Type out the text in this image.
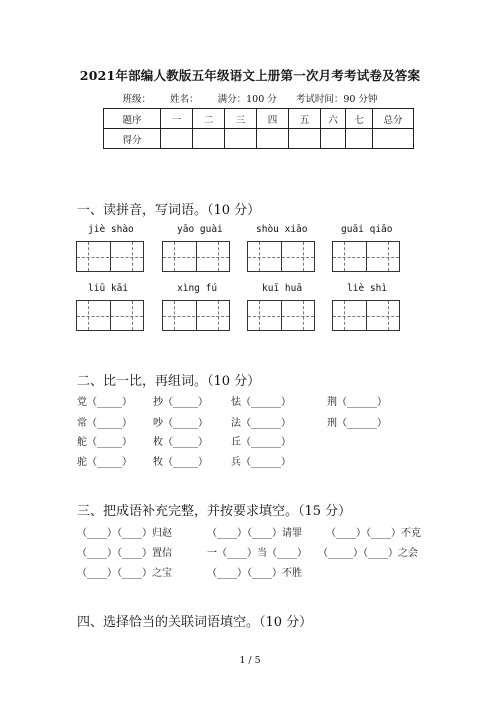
2021年部编人教版五年级语文上册第一次月考考试卷及答案
班级： 姓名： 满分：100 分 考试时间：90 分钟
题序	一	二	三	四	五	六	七	总分
得分								
一、读拼音，写词语。（10 分）
jiè shào	yāo guài	shòu xiāo	guāi qiǎo
liū kāi	xìng fú	kuī huā	liè shì
二、比一比，再组词。（10 分）
党（_____） 抄（_____） 怯（______）	荆（______）
常（_____） 吵（_____） 法（______）	刑（______）
舵（_____） 枚（_____） 丘（______）
驼（_____） 牧（_____） 兵（______）
三、把成语补充完整，并按要求填空。（15 分）
（____）（____）归赵	（____）（____）请罪 （____）（____）不克
（____）（____）置信	一（____）当（____） （_____）（____）之会
（____）（____）之宝	（____）（____）不胜
四、选择恰当的关联词语填空。（10 分）
1 / 5
